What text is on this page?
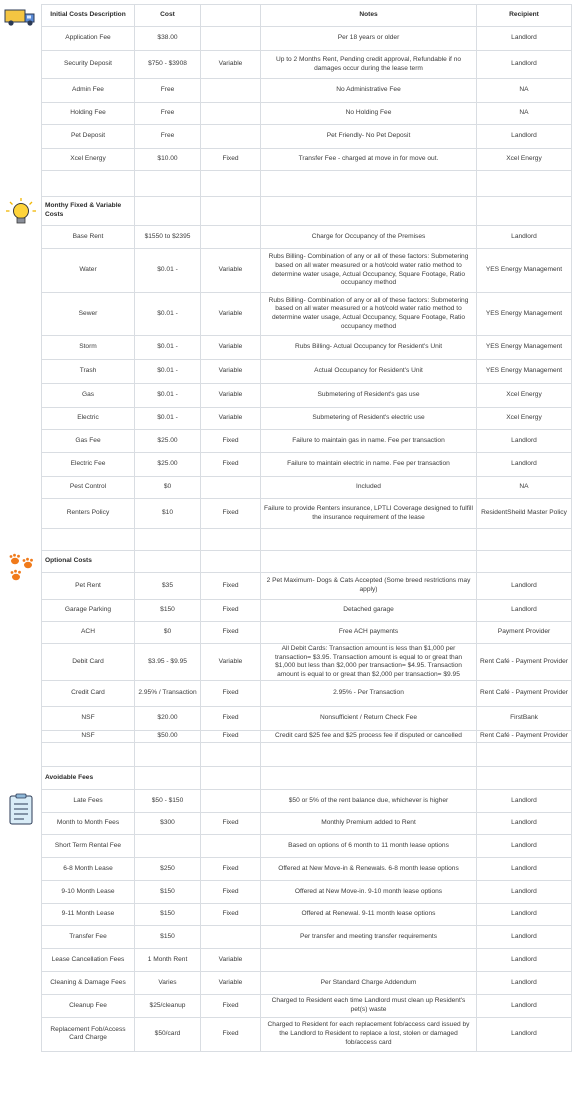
Initial Costs Description	Cost		Notes	Recipient
Application Fee	$38.00		Per 18 years or older	Landlord
Security Deposit	$750 - $3908	Variable	Up to 2 Months Rent, Pending credit approval, Refundable if no damages occur during the lease term	Landlord
Admin Fee	Free		No Administrative Fee	NA
Holding Fee	Free		No Holding Fee	NA
Pet Deposit	Free		Pet Friendly- No Pet Deposit	Landlord
Xcel Energy	$10.00	Fixed	Transfer Fee - charged at move in for move out.	Xcel Energy

Monthy Fixed & Variable Costs				
Base Rent	$1550 to $2395		Charge for Occupancy of the Premises	Landlord
Water	$0.01 -	Variable	Rubs Billing- Combination of any or all of these factors: Submetering based on all water measured or a hot/cold water ratio method to determine water usage, Actual Occupancy, Square Footage, Ratio occupancy method	YES Energy Management
Sewer	$0.01 -	Variable	Rubs Billing- Combination of any or all of these factors: Submetering based on all water measured or a hot/cold water ratio method to determine water usage, Actual Occupancy, Square Footage, Ratio occupancy method	YES Energy Management
Storm	$0.01 -	Variable	Rubs Billing- Actual Occupancy for Resident's Unit	YES Energy Management
Trash	$0.01 -	Variable	Actual Occupancy for Resident's Unit	YES Energy Management
Gas	$0.01 -	Variable	Submetering of Resident's gas use	Xcel Energy
Electric	$0.01 -	Variable	Submetering of Resident's electric use	Xcel Energy
Gas Fee	$25.00	Fixed	Failure to maintain gas in name. Fee per transaction	Landlord
Electric Fee	$25.00	Fixed	Failure to maintain electric in name. Fee per transaction	Landlord
Pest Control	$0		Included	NA
Renters Policy	$10	Fixed	Failure to provide Renters insurance, LPTLI Coverage designed to fulfill the insurance requirement of the lease	ResidentSheild Master Policy

Optional Costs				
Pet Rent	$35	Fixed	2 Pet Maximum- Dogs & Cats Accepted (Some breed restrictions may apply)	Landlord
Garage Parking	$150	Fixed	Detached garage	Landlord
ACH	$0	Fixed	Free ACH payments	Payment Provider
Debit Card	$3.95 - $9.95	Variable	All Debit Cards: Transaction amount is less than $1,000 per transaction= $3.95. Transaction amount is equal to or great than $1,000 but less than $2,000 per transaction= $4.95. Transaction amount is equal to or great than $2,000 per transaction= $9.95	Rent Café - Payment Provider
Credit Card	2.95% / Transaction	Fixed	2.95% - Per Transaction	Rent Café - Payment Provider
NSF	$20.00	Fixed	Nonsufficient / Return Check Fee	FirstBank
NSF	$50.00	Fixed	Credit card $25 fee and $25 process fee if disputed or cancelled	Rent Café - Payment Provider

Avoidable Fees				
Late Fees	$50 - $150		$50 or 5% of the rent balance due, whichever is higher	Landlord
Month to Month Fees	$300	Fixed	Monthly Premium added to Rent	Landlord
Short Term Rental Fee			Based on options of 6 month to 11 month lease options	Landlord
6-8 Month Lease	$250	Fixed	Offered at New Move-in & Renewals. 6-8 month lease options	Landlord
9-10 Month Lease	$150	Fixed	Offered at New Move-in. 9-10 month lease options	Landlord
9-11 Month Lease	$150	Fixed	Offered at Renewal. 9-11 month lease options	Landlord
Transfer Fee	$150		Per transfer and meeting transfer requirements	Landlord
Lease Cancellation Fees	1 Month Rent	Variable		Landlord
Cleaning & Damage Fees	Varies	Variable	Per Standard Charge Addendum	Landlord
Cleanup Fee	$25/cleanup	Fixed	Charged to Resident each time Landlord must clean up Resident's pet(s) waste	Landlord
Replacement Fob/Access Card Charge	$50/card	Fixed	Charged to Resident for each replacement fob/access card issued by the Landlord to Resident to replace a lost, stolen or damaged fob/access card	Landlord
